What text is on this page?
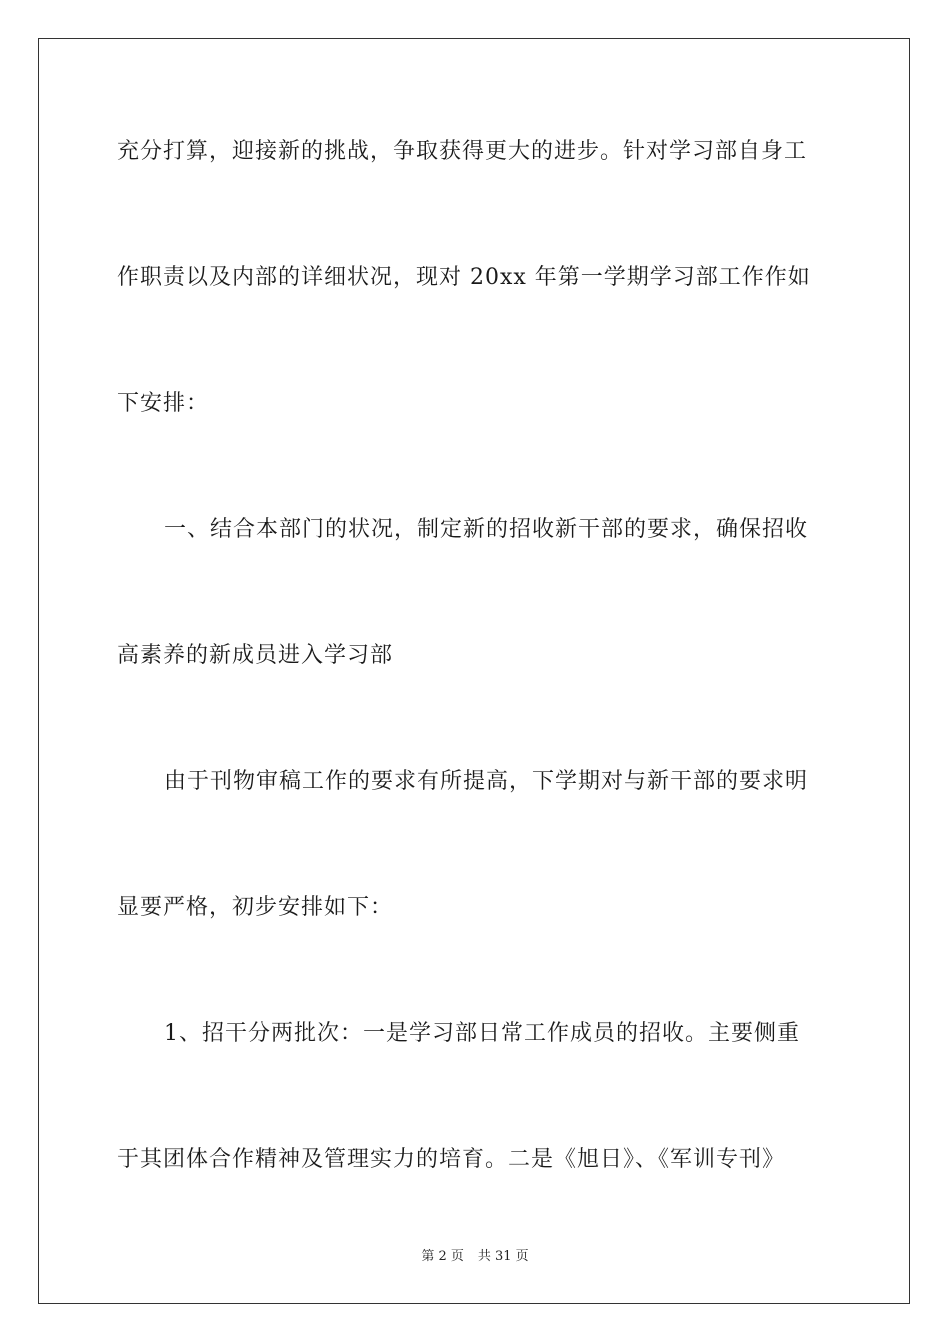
充分打算，迎接新的挑战，争取获得更大的进步。针对学习部自身工
作职责以及内部的详细状况，现对 20xx 年第一学期学习部工作作如
下安排：
一、结合本部门的状况，制定新的招收新干部的要求，确保招收
高素养的新成员进入学习部
由于刊物审稿工作的要求有所提高，下学期对与新干部的要求明
显要严格，初步安排如下：
1、招干分两批次：一是学习部日常工作成员的招收。主要侧重
于其团体合作精神及管理实力的培育。二是《旭日》、《军训专刊》
第 2 页 共 31 页
